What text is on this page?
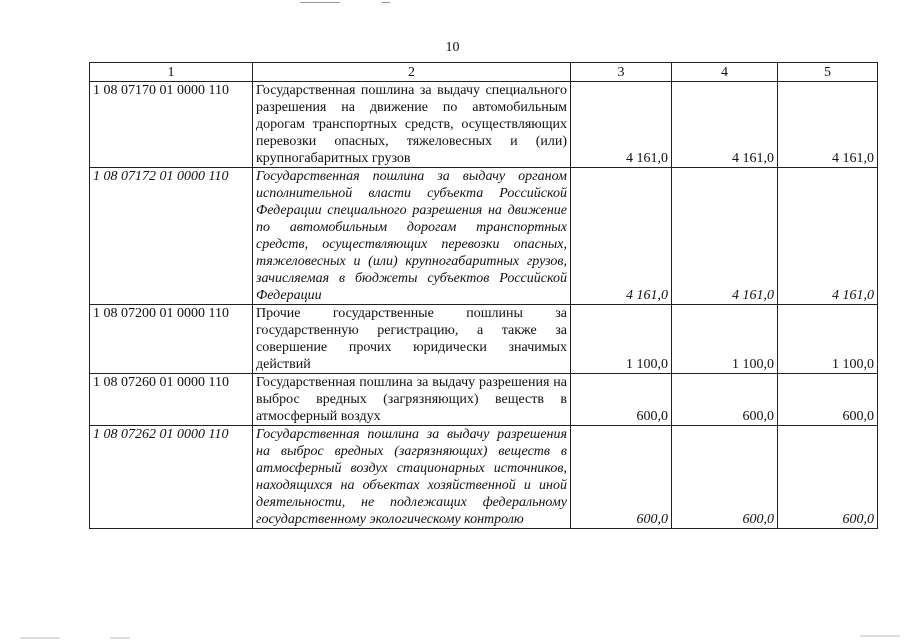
10
1	2	3	4	5
1 08 07170 01 0000 110	Государственная пошлина за выдачу специального разрешения на движение по автомобильным дорогам транспортных средств, осуществляющих перевозки опасных, тяжеловесных и (или) крупногабаритных грузов	4 161,0	4 161,0	4 161,0
1 08 07172 01 0000 110	Государственная пошлина за выдачу органом исполнительной власти субъекта Российской Федерации специального разрешения на движение по автомобильным дорогам транспортных средств, осуществляющих перевозки опасных, тяжеловесных и (или) крупногабаритных грузов, зачисляемая в бюджеты субъектов Российской Федерации	4 161,0	4 161,0	4 161,0
1 08 07200 01 0000 110	Прочие государственные пошлины за государственную регистрацию, а также за совершение прочих юридически значимых действий	1 100,0	1 100,0	1 100,0
1 08 07260 01 0000 110	Государственная пошлина за выдачу разрешения на выброс вредных (загрязняющих) веществ в атмосферный воздух	600,0	600,0	600,0
1 08 07262 01 0000 110	Государственная пошлина за выдачу разрешения на выброс вредных (загрязняющих) веществ в атмосферный воздух стационарных источников, находящихся на объектах хозяйственной и иной деятельности, не подлежащих федеральному государственному экологическому контролю	600,0	600,0	600,0
